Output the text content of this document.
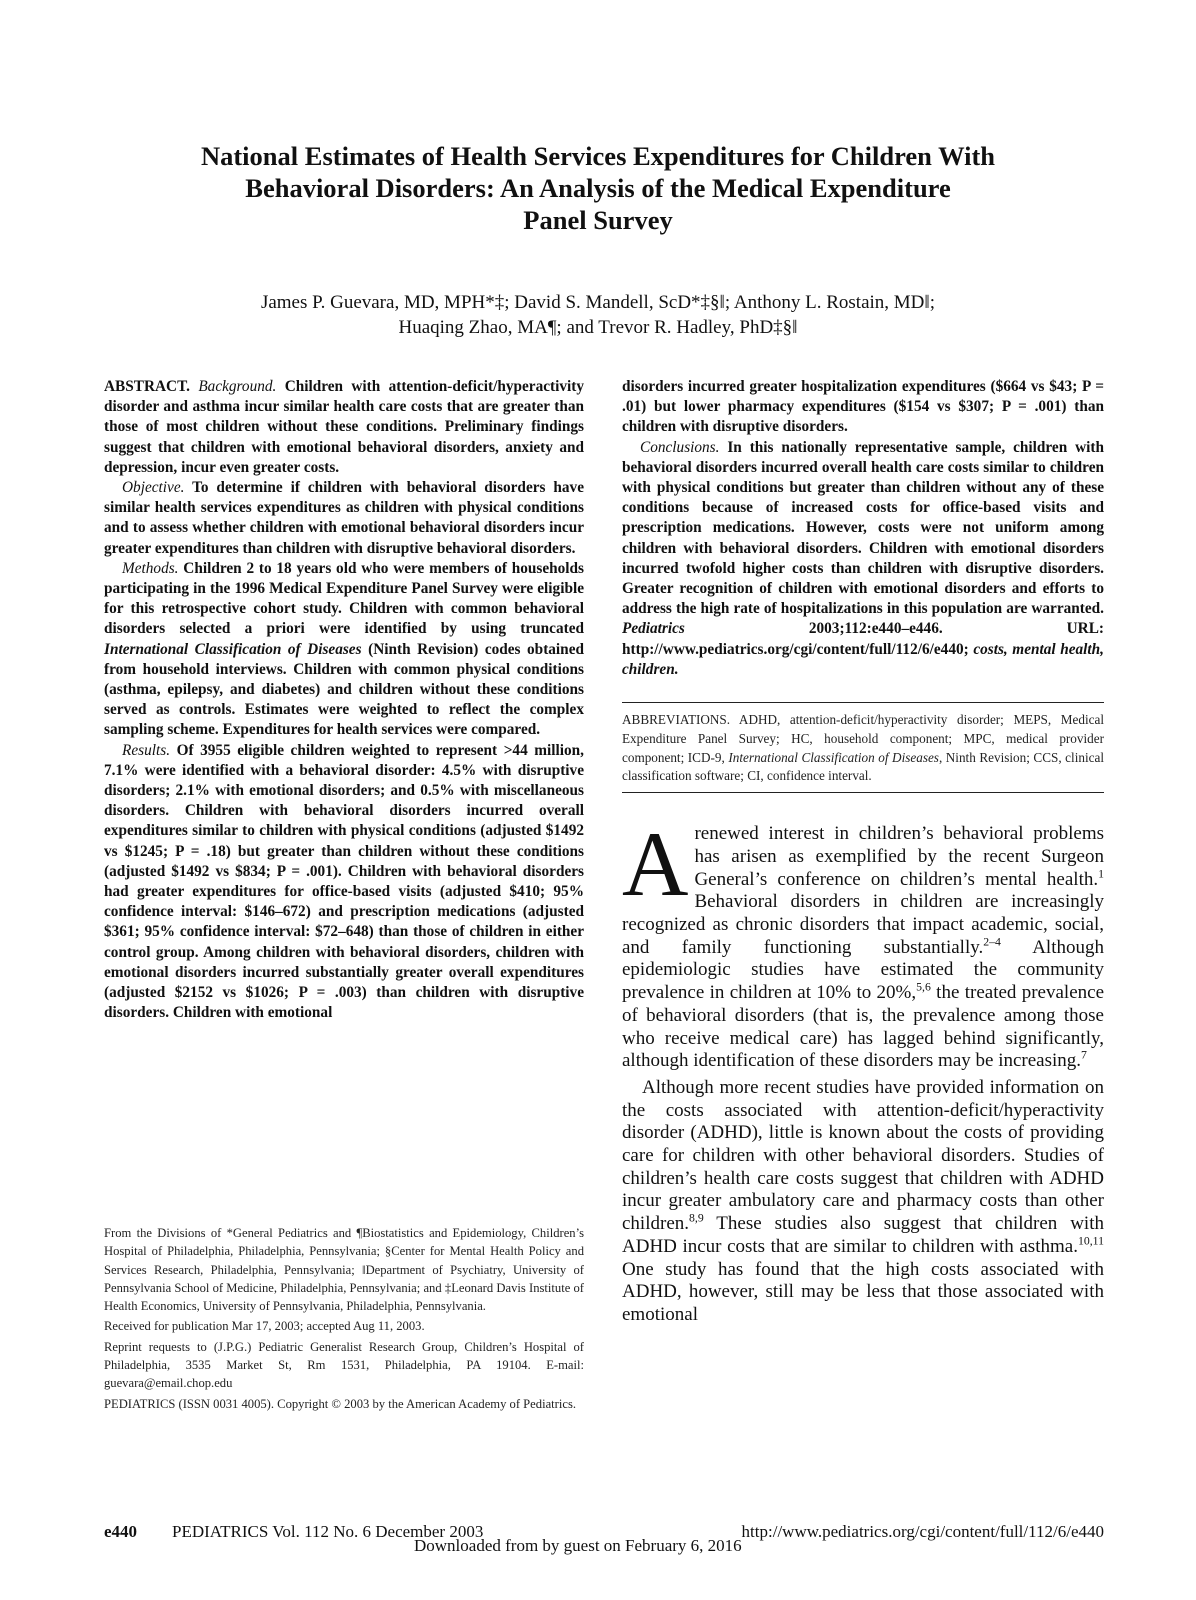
National Estimates of Health Services Expenditures for Children With
Behavioral Disorders: An Analysis of the Medical Expenditure
Panel Survey
James P. Guevara, MD, MPH*‡; David S. Mandell, ScD*‡§‖; Anthony L. Rostain, MD‖;
Huaqing Zhao, MA¶; and Trevor R. Hadley, PhD‡§‖

ABSTRACT. Background. Children with attention-deficit/hyperactivity disorder and asthma incur similar health care costs that are greater than those of most children without these conditions. Preliminary findings suggest that children with emotional behavioral disorders, anxiety and depression, incur even greater costs.

Objective. To determine if children with behavioral disorders have similar health services expenditures as children with physical conditions and to assess whether children with emotional behavioral disorders incur greater expenditures than children with disruptive behavioral disorders.

Methods. Children 2 to 18 years old who were members of households participating in the 1996 Medical Expenditure Panel Survey were eligible for this retrospective cohort study. Children with common behavioral disorders selected a priori were identified by using truncated International Classification of Diseases (Ninth Revision) codes obtained from household interviews. Children with common physical conditions (asthma, epilepsy, and diabetes) and children without these conditions served as controls. Estimates were weighted to reflect the complex sampling scheme. Expenditures for health services were compared.

Results. Of 3955 eligible children weighted to represent >44 million, 7.1% were identified with a behavioral disorder: 4.5% with disruptive disorders; 2.1% with emotional disorders; and 0.5% with miscellaneous disorders. Children with behavioral disorders incurred overall expenditures similar to children with physical conditions (adjusted $1492 vs $1245; P = .18) but greater than children without these conditions (adjusted $1492 vs $834; P = .001). Children with behavioral disorders had greater expenditures for office-based visits (adjusted $410; 95% confidence interval: $146–672) and prescription medications (adjusted $361; 95% confidence interval: $72–648) than those of children in either control group. Among children with behavioral disorders, children with emotional disorders incurred substantially greater overall expenditures (adjusted $2152 vs $1026; P = .003) than children with disruptive disorders. Children with emotional

From the Divisions of *General Pediatrics and ¶Biostatistics and Epidemiology, Children’s Hospital of Philadelphia, Philadelphia, Pennsylvania; §Center for Mental Health Policy and Services Research, Philadelphia, Pennsylvania; ‖Department of Psychiatry, University of Pennsylvania School of Medicine, Philadelphia, Pennsylvania; and ‡Leonard Davis Institute of Health Economics, University of Pennsylvania, Philadelphia, Pennsylvania.

Received for publication Mar 17, 2003; accepted Aug 11, 2003.

Reprint requests to (J.P.G.) Pediatric Generalist Research Group, Children’s Hospital of Philadelphia, 3535 Market St, Rm 1531, Philadelphia, PA 19104. E-mail: guevara@email.chop.edu

PEDIATRICS (ISSN 0031 4005). Copyright © 2003 by the American Academy of Pediatrics.

disorders incurred greater hospitalization expenditures ($664 vs $43; P = .01) but lower pharmacy expenditures ($154 vs $307; P = .001) than children with disruptive disorders.

Conclusions. In this nationally representative sample, children with behavioral disorders incurred overall health care costs similar to children with physical conditions but greater than children without any of these conditions because of increased costs for office-based visits and prescription medications. However, costs were not uniform among children with behavioral disorders. Children with emotional disorders incurred twofold higher costs than children with disruptive disorders. Greater recognition of children with emotional disorders and efforts to address the high rate of hospitalizations in this population are warranted. Pediatrics	2003;112:e440–e446. URL: http://www.pediatrics.org/cgi/content/full/112/6/e440; costs, mental health, children.

ABBREVIATIONS. ADHD, attention-deficit/hyperactivity disorder; MEPS, Medical Expenditure Panel Survey; HC, household component; MPC, medical provider component; ICD-9, International Classification of Diseases, Ninth Revision; CCS, clinical classification software; CI, confidence interval.

Arenewed interest in children’s behavioral problems has arisen as exemplified by the recent Surgeon General’s conference on children’s mental health.$^1$ Behavioral disorders in children are increasingly recognized as chronic disorders that impact academic, social, and family functioning substantially.$^{2-4}$ Although epidemiologic studies have estimated the community prevalence in children at 10% to 20%,$^{5,6}$ the treated prevalence of behavioral disorders (that is, the prevalence among those who receive medical care) has lagged behind significantly, although identification of these disorders may be increasing.$^7$

Although more recent studies have provided information on the costs associated with attention-deficit/hyperactivity disorder (ADHD), little is known about the costs of providing care for children with other behavioral disorders. Studies of children’s health care costs suggest that children with ADHD incur greater ambulatory care and pharmacy costs than other children.$^{8,9}$ These studies also suggest that children with ADHD incur costs that are similar to children with asthma.$^{10,11}$ One study has found that the high costs associated with ADHD, however, still may be less that those associated with emotional

e440 PEDIATRICS Vol. 112 No. 6 December 2003	http://www.pediatrics.org/cgi/content/full/112/6/e440
Downloaded from by guest on February 6, 2016
